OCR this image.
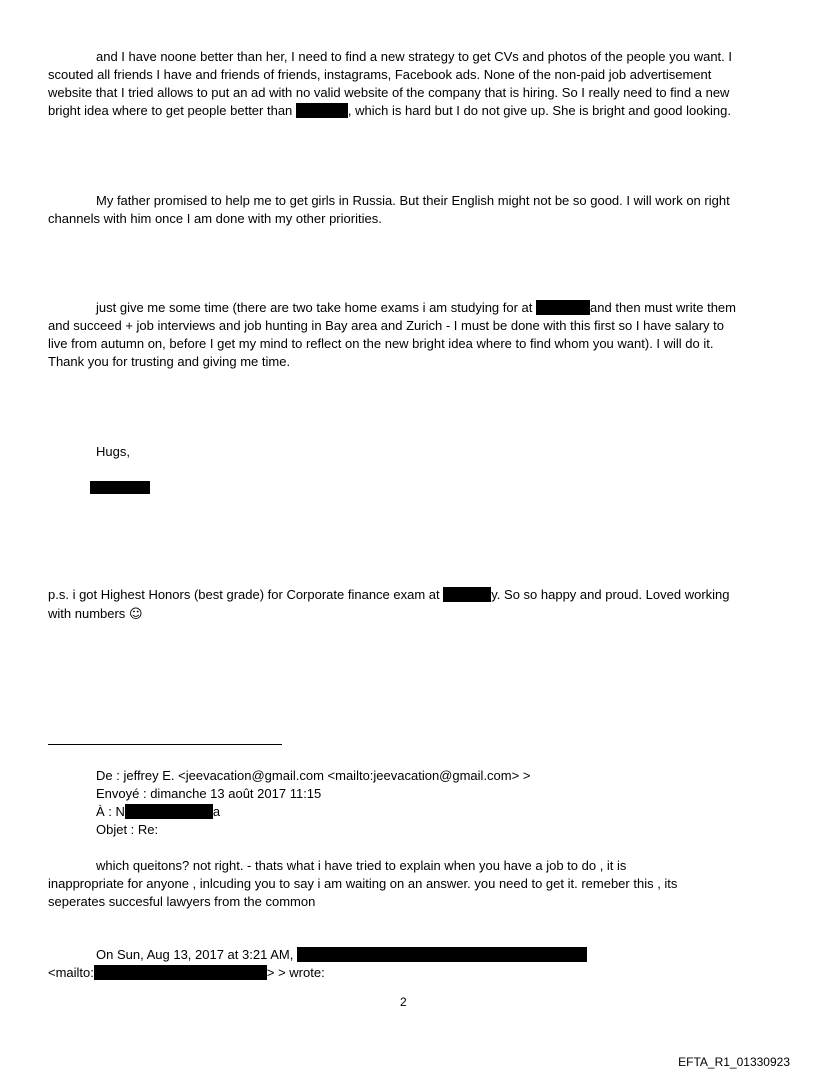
and I have noone better than her, I need to find a new strategy to get CVs and photos of the people you want. I
scouted all friends I have and friends of friends, instagrams, Facebook ads. None of the non-paid job advertisement
website that I tried allows to put an ad with no valid website of the company that is hiring. So I really need to find a new
bright idea where to get people better than	, which is hard but I do not give up. She is bright and good looking.
My father promised to help me to get girls in Russia. But their English might not be so good. I will work on right
channels with him once I am done with my other priorities.
just give me some time (there are two take home exams i am studying for at	and then must write them
and succeed + job interviews and job hunting in Bay area and Zurich - I must be done with this first so I have salary to
live from autumn on, before I get my mind to reflect on the new bright idea where to find whom you want). I will do it.
Thank you for trusting and giving me time.
Hugs,
p.s. i got Highest Honors (best grade) for Corporate finance exam at	y. So so happy and proud. Loved working
with numbers ☺
De : jeffrey E. <jeevacation@gmail.com <mailto:jeevacation@gmail.com> >
Envoyé : dimanche 13 août 2017 11:15
À : N	a
Objet : Re:
which queitons? not right. - thats what i have tried to explain when you have a job to do , it is
inappropriate for anyone , inlcuding you to say i am waiting on an answer. you need to get it. remeber this , its
seperates succesful lawyers from the common
On Sun, Aug 13, 2017 at 3:21 AM,
<mailto:	> > wrote:
2
EFTA_R1_01330923
